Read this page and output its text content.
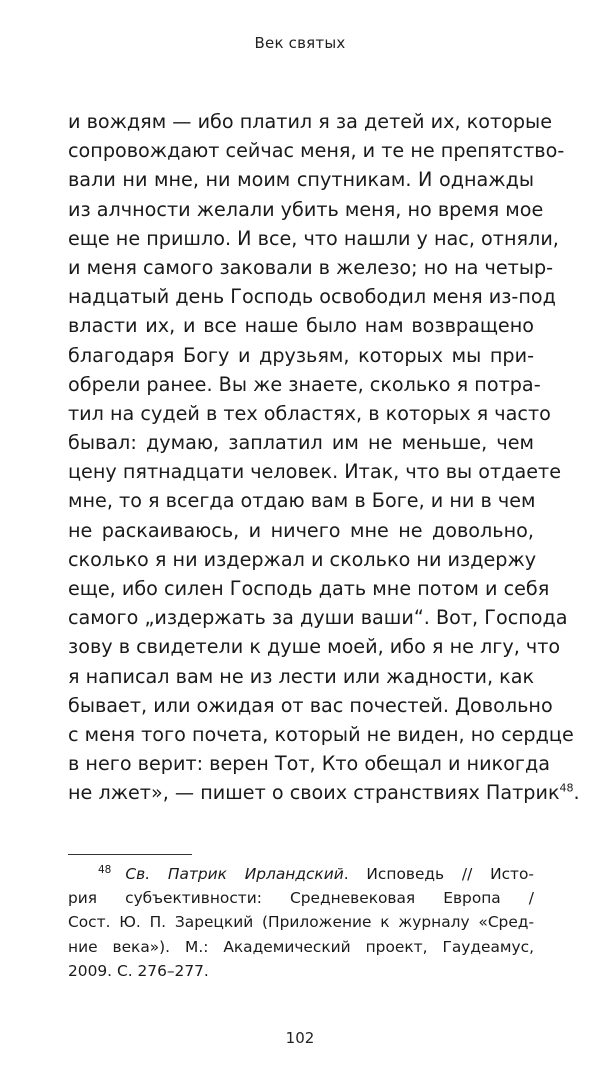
Век святых
и вождям — ибо платил я за детей их, которые
сопровождают сейчас меня, и те не препятство-
вали ни мне, ни моим спутникам. И однажды
из алчности желали убить меня, но время мое
еще не пришло. И все, что нашли у нас, отняли,
и меня самого заковали в железо; но на четыр-
надцатый день Господь освободил меня из-под
власти их, и все наше было нам возвращено
благодаря Богу и друзьям, которых мы при-
обрели ранее. Вы же знаете, сколько я потра-
тил на судей в тех областях, в которых я часто
бывал: думаю, заплатил им не меньше, чем
цену пятнадцати человек. Итак, что вы отдаете
мне, то я всегда отдаю вам в Боге, и ни в чем
не раскаиваюсь, и ничего мне не довольно,
сколько я ни издержал и сколько ни издержу
еще, ибо силен Господь дать мне потом и себя
самого „издержать за души ваши“. Вот, Господа
зову в свидетели к душе моей, ибо я не лгу, что
я написал вам не из лести или жадности, как
бывает, или ожидая от вас почестей. Довольно
с меня того почета, который не виден, но сердце
в него верит: верен Тот, Кто обещал и никогда
не лжет», — пишет о своих странствиях Патрик$^{48}$.
$^{48}$ Св. Патрик Ирландский. Исповедь // Исто-
рия субъективности: Средневековая Европа /
Сост. Ю. П. Зарецкий (Приложение к журналу «Сред-
ние века»). М.: Академический проект, Гаудеамус,
2009. С. 276–277.
102
